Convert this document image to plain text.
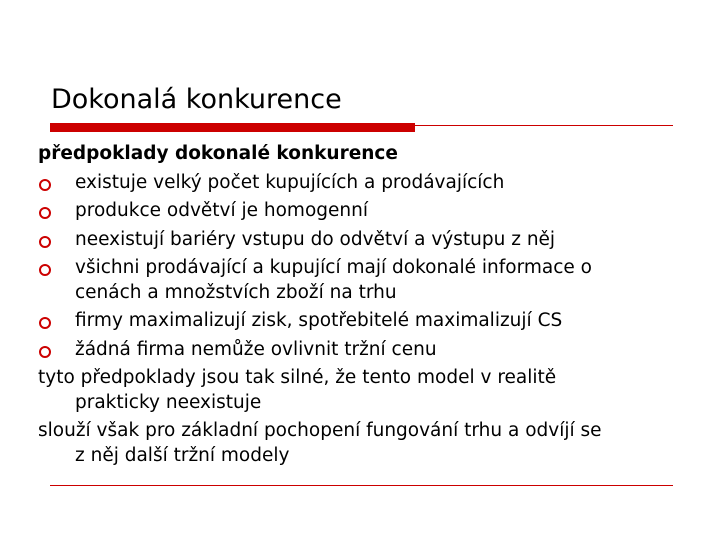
Dokonalá konkurence
předpoklady dokonalé konkurence
existuje velký počet kupujících a prodávajících
produkce odvětví je homogenní
neexistují bariéry vstupu do odvětví a výstupu z něj
všichni prodávající a kupující mají dokonalé informace o
cenách a množstvích zboží na trhu
firmy maximalizují zisk, spotřebitelé maximalizují CS
žádná firma nemůže ovlivnit tržní cenu
tyto předpoklady jsou tak silné, že tento model v realitě
prakticky neexistuje
slouží však pro základní pochopení fungování trhu a odvíjí se
z něj další tržní modely
